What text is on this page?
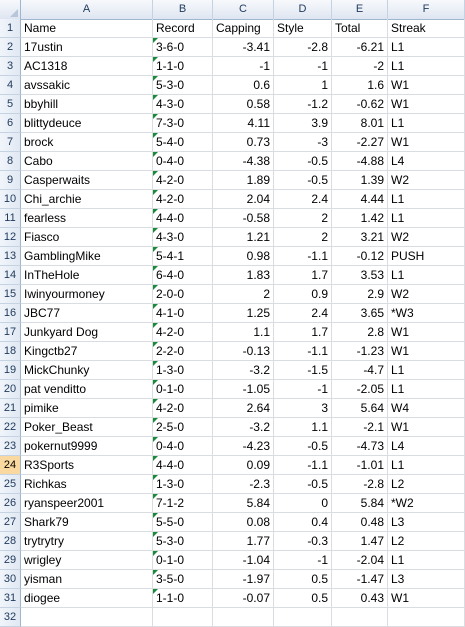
A	B	C	D	E	F
1 Name	Record	Capping	Style	Total	Streak
2 17ustin	3-6-0	-3.41	-2.8	-6.21 L1
3 AC1318	1-1-0	-1	-1	-2 L1
4 avssakic	5-3-0	0.6	1	1.6 W1
5 bbyhill	4-3-0	0.58	-1.2	-0.62 W1
6 blittydeuce	7-3-0	4.11	3.9	8.01 L1
7 brock	5-4-0	0.73	-3	-2.27 W1
8 Cabo	0-4-0	-4.38	-0.5	-4.88 L4
9 Casperwaits	4-2-0	1.89	-0.5	1.39 W2
10 Chi_archie	4-2-0	2.04	2.4	4.44 L1
11 fearless	4-4-0	-0.58	2	1.42 L1
12 Fiasco	4-3-0	1.21	2	3.21 W2
13 GamblingMike	5-4-1	0.98	-1.1	-0.12 PUSH
14 InTheHole	6-4-0	1.83	1.7	3.53 L1
15 Iwinyourmoney	2-0-0	2	0.9	2.9 W2
16 JBC77	4-1-0	1.25	2.4	3.65 *W3
17 Junkyard Dog	4-2-0	1.1	1.7	2.8 W1
18 Kingctb27	2-2-0	-0.13	-1.1	-1.23 W1
19 MickChunky	1-3-0	-3.2	-1.5	-4.7 L1
20 pat venditto	0-1-0	-1.05	-1	-2.05 L1
21 pimike	4-2-0	2.64	3	5.64 W4
22 Poker_Beast	2-5-0	-3.2	1.1	-2.1 W1
23 pokernut9999	0-4-0	-4.23	-0.5	-4.73 L4
24 R3Sports	4-4-0	0.09	-1.1	-1.01 L1
25 Richkas	1-3-0	-2.3	-0.5	-2.8 L2
26 ryanspeer2001	7-1-2	5.84	0	5.84 *W2
27 Shark79	5-5-0	0.08	0.4	0.48 L3
28 trytrytry	5-3-0	1.77	-0.3	1.47 L2
29 wrigley	0-1-0	-1.04	-1	-2.04 L1
30 yisman	3-5-0	-1.97	0.5	-1.47 L3
31 diogee	1-1-0	-0.07	0.5	0.43 W1
32
